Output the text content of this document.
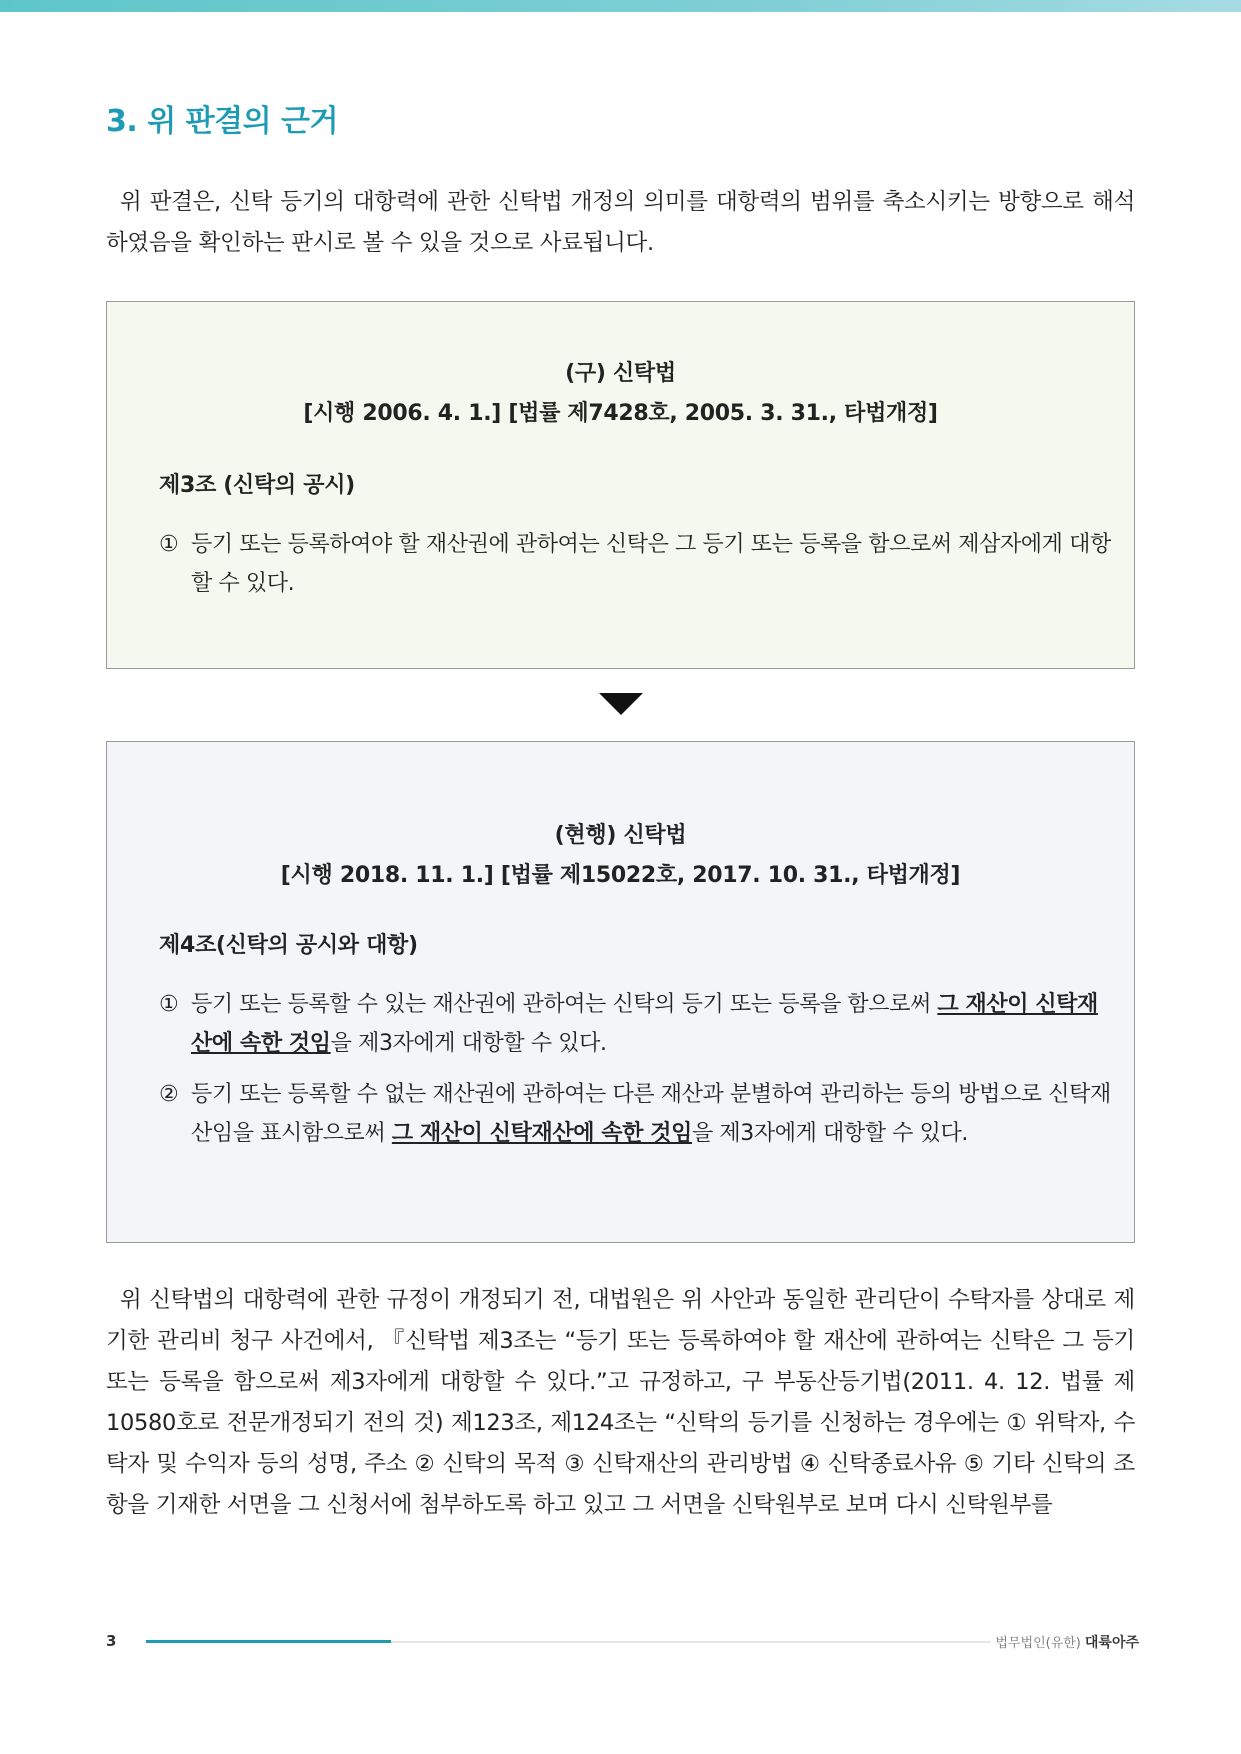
3. 위 판결의 근거

위 판결은, 신탁 등기의 대항력에 관한 신탁법 개정의 의미를 대항력의 범위를 축소시키는 방향으로 해석하였음을 확인하는 판시로 볼 수 있을 것으로 사료됩니다.

(구) 신탁법
[시행 2006. 4. 1.] [법률 제7428호, 2005. 3. 31., 타법개정]
제3조 (신탁의 공시)
① 등기 또는 등록하여야 할 재산권에 관하여는 신탁은 그 등기 또는 등록을 함으로써 제삼자에게 대항할 수 있다.
(현행) 신탁법
[시행 2018. 11. 1.] [법률 제15022호, 2017. 10. 31., 타법개정]
제4조(신탁의 공시와 대항)
① 등기 또는 등록할 수 있는 재산권에 관하여는 신탁의 등기 또는 등록을 함으로써 그 재산이 신탁재산에 속한 것임을 제3자에게 대항할 수 있다.
② 등기 또는 등록할 수 없는 재산권에 관하여는 다른 재산과 분별하여 관리하는 등의 방법으로 신탁재산임을 표시함으로써 그 재산이 신탁재산에 속한 것임을 제3자에게 대항할 수 있다.

위 신탁법의 대항력에 관한 규정이 개정되기 전, 대법원은 위 사안과 동일한 관리단이 수탁자를 상대로 제기한 관리비 청구 사건에서, 『신탁법 제3조는 “등기 또는 등록하여야 할 재산에 관하여는 신탁은 그 등기 또는 등록을 함으로써 제3자에게 대항할 수 있다.”고 규정하고, 구 부동산등기법(2011. 4. 12. 법률 제10580호로 전문개정되기 전의 것) 제123조, 제124조는 “신탁의 등기를 신청하는 경우에는 ① 위탁자, 수탁자 및 수익자 등의 성명, 주소 ② 신탁의 목적 ③ 신탁재산의 관리방법 ④ 신탁종료사유 ⑤ 기타 신탁의 조항을 기재한 서면을 그 신청서에 첨부하도록 하고 있고 그 서면을 신탁원부로 보며 다시 신탁원부를

3	법무법인(유한) 대륙아주
